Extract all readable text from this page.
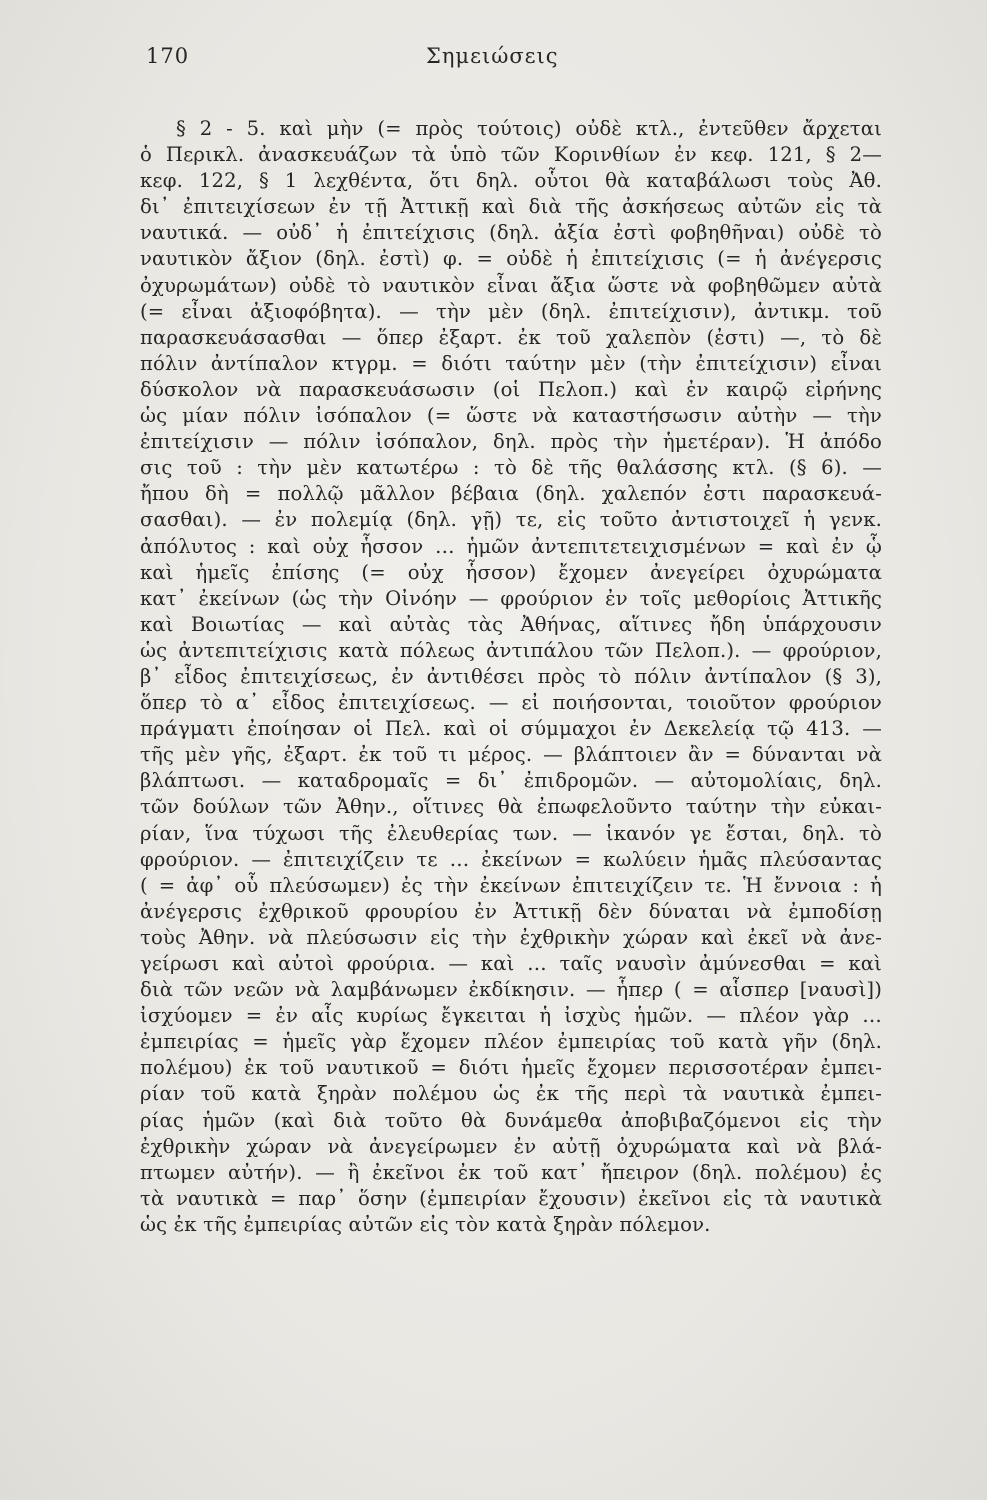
170	Σημειώσεις
§ 2 - 5. καὶ μὴν (= πρὸς τούτοις) οὐδὲ κτλ., ἐντεῦθεν ἄρχεται
ὁ Περικλ. ἀνασκευάζων τὰ ὑπὸ τῶν Κορινθίων ἐν κεφ. 121, § 2—
κεφ. 122, § 1 λεχθέντα, ὅτι δηλ. οὗτοι θὰ καταβάλωσι τοὺς Ἀθ.
δι᾽ ἐπιτειχίσεων ἐν τῇ Ἀττικῇ καὶ διὰ τῆς ἀσκήσεως αὐτῶν εἰς τὰ
ναυτικά. — οὐδ᾽ ἡ ἐπιτείχισις (δηλ. ἀξία ἐστὶ φοβηθῆναι) οὐδὲ τὸ
ναυτικὸν ἄξιον (δηλ. ἐστὶ) φ. = οὐδὲ ἡ ἐπιτείχισις (= ἡ ἀνέγερσις
ὀχυρωμάτων) οὐδὲ τὸ ναυτικὸν εἶναι ἄξια ὥστε νὰ φοβηθῶμεν αὐτὰ
(= εἶναι ἀξιοφόβητα). — τὴν μὲν (δηλ. ἐπιτείχισιν), ἀντικμ. τοῦ
παρασκευάσασθαι — ὅπερ ἐξαρτ. ἐκ τοῦ χαλεπὸν (ἐστι) —, τὸ δὲ
πόλιν ἀντίπαλον κτγρμ. = διότι ταύτην μὲν (τὴν ἐπιτείχισιν) εἶναι
δύσκολον νὰ παρασκευάσωσιν (οἱ Πελοπ.) καὶ ἐν καιρῷ εἰρήνης
ὡς μίαν πόλιν ἰσόπαλον (= ὥστε νὰ καταστήσωσιν αὐτὴν — τὴν
ἐπιτείχισιν — πόλιν ἰσόπαλον, δηλ. πρὸς τὴν ἡμετέραν). Ἡ ἀπόδο
σις τοῦ : τὴν μὲν κατωτέρω : τὸ δὲ τῆς θαλάσσης κτλ. (§ 6). —
ἤπου δὴ = πολλῷ μᾶλλον βέβαια (δηλ. χαλεπόν ἐστι παρασκευά-
σασθαι). — ἐν πολεμίᾳ (δηλ. γῇ) τε, εἰς τοῦτο ἀντιστοιχεῖ ἡ γενκ.
ἀπόλυτος : καὶ οὐχ ἧσσον … ἡμῶν ἀντεπιτετειχισμένων = καὶ ἐν ᾧ
καὶ ἡμεῖς ἐπίσης (= οὐχ ἧσσον) ἔχομεν ἀνεγείρει ὀχυρώματα
κατ᾽ ἐκείνων (ὡς τὴν Οἰνόην — φρούριον ἐν τοῖς μεθορίοις Ἀττικῆς
καὶ Βοιωτίας — καὶ αὐτὰς τὰς Ἀθήνας, αἵτινες ἤδη ὑπάρχουσιν
ὡς ἀντεπιτείχισις κατὰ πόλεως ἀντιπάλου τῶν Πελοπ.). — φρούριον,
β᾽ εἶδος ἐπιτειχίσεως, ἐν ἀντιθέσει πρὸς τὸ πόλιν ἀντίπαλον (§ 3),
ὅπερ τὸ α᾽ εἶδος ἐπιτειχίσεως. — εἰ ποιήσονται, τοιοῦτον φρούριον
πράγματι ἐποίησαν οἱ Πελ. καὶ οἱ σύμμαχοι ἐν Δεκελείᾳ τῷ 413. —
τῆς μὲν γῆς, ἐξαρτ. ἐκ τοῦ τι μέρος. — βλάπτοιεν ἂν = δύνανται νὰ
βλάπτωσι. — καταδρομαῖς = δι᾽ ἐπιδρομῶν. — αὐτομολίαις, δηλ.
τῶν δούλων τῶν Ἀθην., οἵτινες θὰ ἐπωφελοῦντο ταύτην τὴν εὐκαι-
ρίαν, ἵνα τύχωσι τῆς ἐλευθερίας των. — ἱκανόν γε ἔσται, δηλ. τὸ
φρούριον. — ἐπιτειχίζειν τε … ἐκείνων = κωλύειν ἡμᾶς πλεύσαντας
( = ἀφ᾽ οὗ πλεύσωμεν) ἐς τὴν ἐκείνων ἐπιτειχίζειν τε. Ἡ ἔννοια : ἡ
ἀνέγερσις ἐχθρικοῦ φρουρίου ἐν Ἀττικῇ δὲν δύναται νὰ ἐμποδίσῃ
τοὺς Ἀθην. νὰ πλεύσωσιν εἰς τὴν ἐχθρικὴν χώραν καὶ ἐκεῖ νὰ ἀνε-
γείρωσι καὶ αὐτοὶ φρούρια. — καὶ … ταῖς ναυσὶν ἀμύνεσθαι = καὶ
διὰ τῶν νεῶν νὰ λαμβάνωμεν ἐκδίκησιν. — ἧπερ ( = αἷσπερ [ναυσὶ])
ἰσχύομεν = ἐν αἷς κυρίως ἔγκειται ἡ ἰσχὺς ἡμῶν. — πλέον γὰρ …
ἐμπειρίας = ἡμεῖς γὰρ ἔχομεν πλέον ἐμπειρίας τοῦ κατὰ γῆν (δηλ.
πολέμου) ἐκ τοῦ ναυτικοῦ = διότι ἡμεῖς ἔχομεν περισσοτέραν ἐμπει-
ρίαν τοῦ κατὰ ξηρὰν πολέμου ὡς ἐκ τῆς περὶ τὰ ναυτικὰ ἐμπει-
ρίας ἡμῶν (καὶ διὰ τοῦτο θὰ δυνάμεθα ἀποβιβαζόμενοι εἰς τὴν
ἐχθρικὴν χώραν νὰ ἀνεγείρωμεν ἐν αὐτῇ ὀχυρώματα καὶ νὰ βλά-
πτωμεν αὐτήν). — ἢ ἐκεῖνοι ἐκ τοῦ κατ᾽ ἤπειρον (δηλ. πολέμου) ἐς
τὰ ναυτικὰ = παρ᾽ ὅσην (ἐμπειρίαν ἔχουσιν) ἐκεῖνοι εἰς τὰ ναυτικὰ
ὡς ἐκ τῆς ἐμπειρίας αὐτῶν εἰς τὸν κατὰ ξηρὰν πόλεμον.
